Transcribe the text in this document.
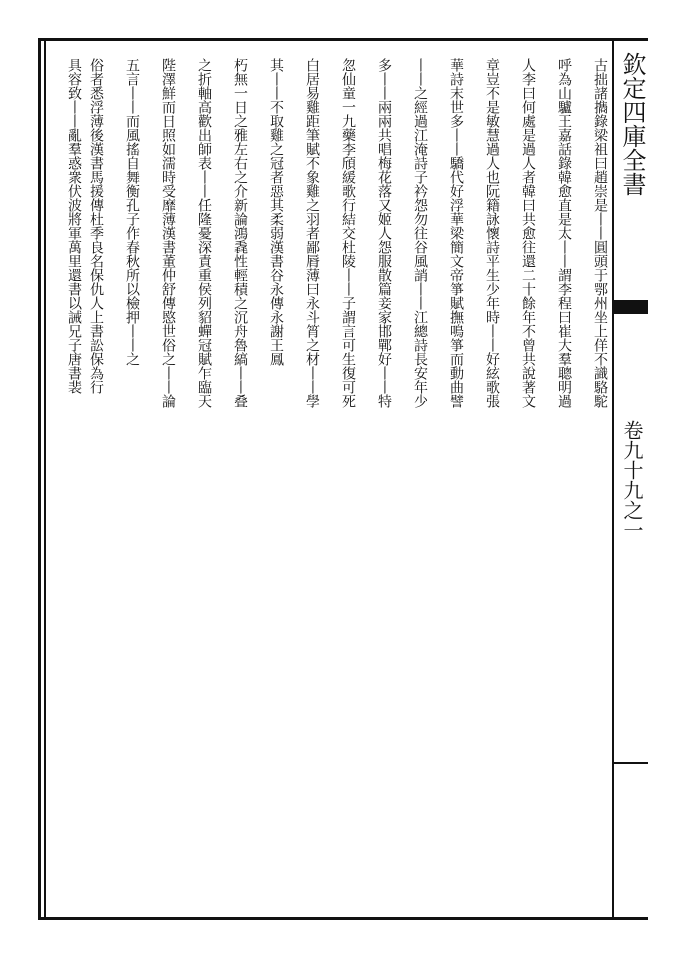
欽定四庫全書
卷九十九之一
古拙諸㩦錄梁祖曰趙崇是丨丨圓頭于鄂州坐上佯不識駱駝
呼為山驢王嘉話錄韓愈直是太丨丨謂李程曰崔大羣聰明過
人李曰何處是過人者韓曰共愈往還二十餘年不曾共說著文
章豈不是敏慧過人也阮籍詠懷詩平生少年時丨丨好絃歌張
華詩末世多丨丨驕代好浮華梁簡文帝箏賦撫鳴箏而動曲譬
丨丨之經過江淹詩子衿怨勿往谷風誚丨丨江總詩長安年少
多丨丨兩兩共唱梅花落又姬人怨服散篇妾家邯鄲好丨丨特
忽仙童一九藥李頎緩歌行結交杜陵丨丨子謂言可生復可死
白居易雞距筆賦不象雞之羽者鄙脣薄曰永斗筲之材丨丨學
其丨丨不取雞之冠者惡其柔弱漢書谷永傳永謝王鳳
朽無一日之雅左右之介新論鴻毳性輕積之沉舟魯縞丨丨叠
之折軸高歡出師表丨丨任隆憂深責重侯列貂蟬冠賦乍臨天
陛澤鮮而日照如濡時受靡薄漢書董仲舒傳愍世俗之丨丨論
五言丨丨而風搖自舞衡孔子作春秋所以檢押丨丨之
俗者悉浮薄後漢書馬援傳杜季良名保仇人上書訟保為行
具容致丨丨亂羣惑衆伏波將軍萬里還書以誡兄子唐書裴
